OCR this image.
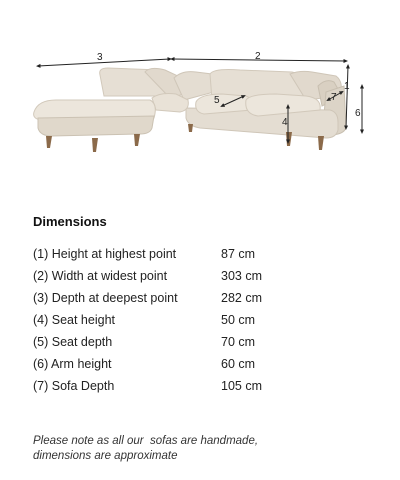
3	2
5
4
7
1
6
Dimensions
(1) Height at highest point	87 cm
(2) Width at widest point	303 cm
(3) Depth at deepest point	282 cm
(4) Seat height	50 cm
(5) Seat depth	70 cm
(6) Arm height	60 cm
(7) Sofa Depth	105 cm
Please note as all our  sofas are handmade,
dimensions are approximate
